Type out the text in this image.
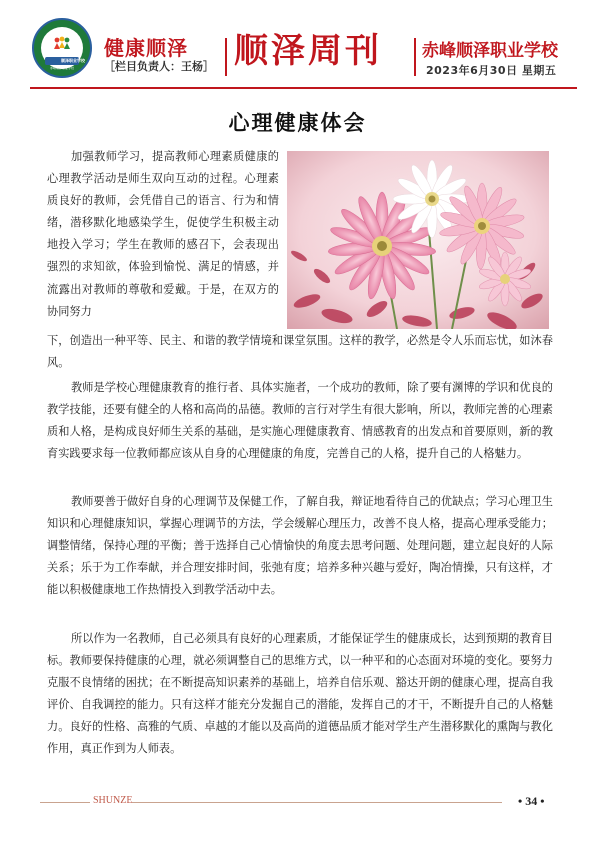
顺泽职业学校
赤峰顺泽职业学校
健康顺泽
［栏目负责人：王杨］ 顺泽周刊 赤峰顺泽职业学校
2023年6月30日 星期五
心理健康体会

加强教师学习，提高教师心理素质健康的心理教学活动是师生双向互动的过程。心理素质良好的教师，会凭借自己的语言、行为和情绪，潜移默化地感染学生，促使学生积极主动地投入学习；学生在教师的感召下，会表现出强烈的求知欲，体验到愉悦、满足的情感，并流露出对教师的尊敬和爱戴。于是，在双方的协同努力

下，创造出一种平等、民主、和谐的教学情境和课堂氛围。这样的教学，必然是令人乐而忘忧，如沐春风。

教师是学校心理健康教育的推行者、具体实施者，一个成功的教师，除了要有渊博的学识和优良的教学技能，还要有健全的人格和高尚的品德。教师的言行对学生有很大影响，所以，教师完善的心理素质和人格，是构成良好师生关系的基础，是实施心理健康教育、情感教育的出发点和首要原则，新的教育实践要求每一位教师都应该从自身的心理健康的角度，完善自己的人格，提升自己的人格魅力。

教师要善于做好自身的心理调节及保健工作，了解自我，辩证地看待自己的优缺点；学习心理卫生知识和心理健康知识，掌握心理调节的方法，学会缓解心理压力，改善不良人格，提高心理承受能力；调整情绪，保持心理的平衡；善于选择自己心情愉快的角度去思考问题、处理问题，建立起良好的人际关系；乐于为工作奉献，并合理安排时间，张弛有度；培养多种兴趣与爱好，陶冶情操，只有这样，才能以积极健康地工作热情投入到教学活动中去。

所以作为一名教师，自己必须具有良好的心理素质，才能保证学生的健康成长，达到预期的教育目标。教师要保持健康的心理，就必须调整自己的思维方式，以一种平和的心态面对环境的变化。要努力克服不良情绪的困扰；在不断提高知识素养的基础上，培养自信乐观、豁达开朗的健康心理，提高自我评价、自我调控的能力。只有这样才能充分发掘自己的潜能，发挥自己的才干，不断提升自己的人格魅力。良好的性格、高雅的气质、卓越的才能以及高尚的道德品质才能对学生产生潜移默化的熏陶与教化作用，真正作到为人师表。

SHUNZE	• 34 •
